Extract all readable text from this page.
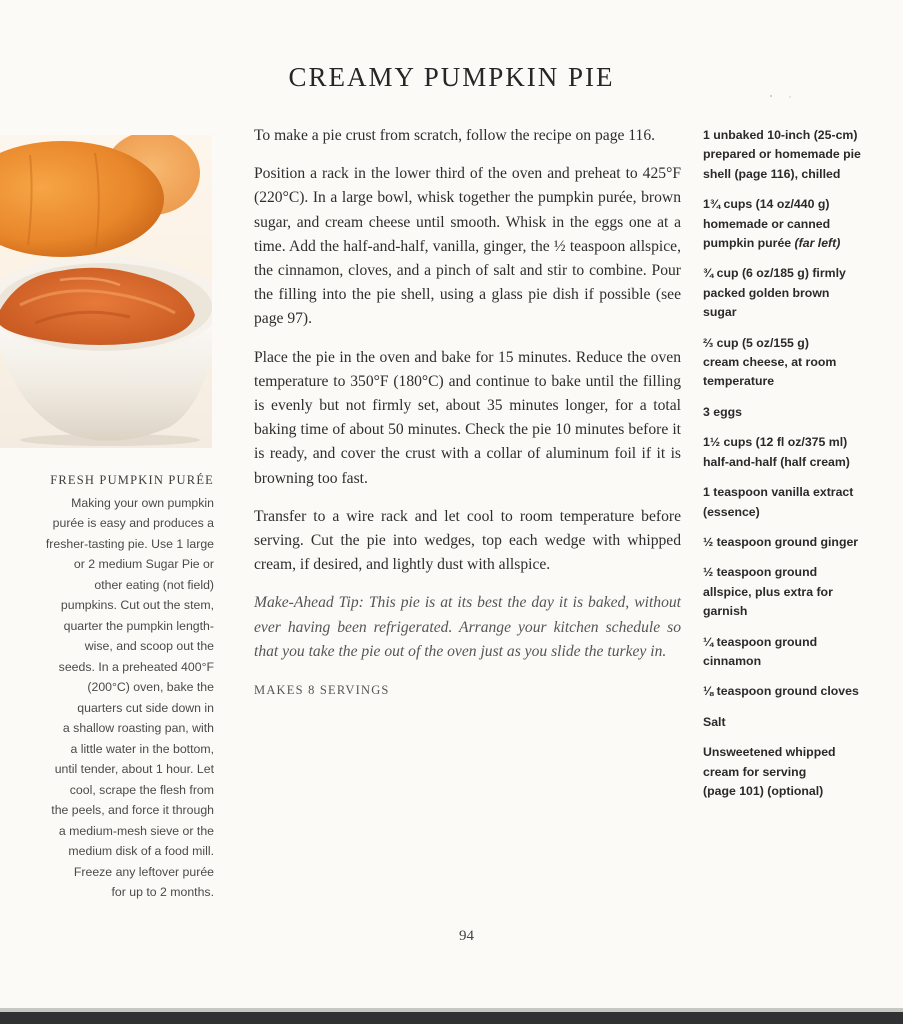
CREAMY PUMPKIN PIE
FRESH PUMPKIN PURÉE
Making your own pumpkin
purée is easy and produces a
fresher-tasting pie. Use 1 large
or 2 medium Sugar Pie or
other eating (not field)
pumpkins. Cut out the stem,
quarter the pumpkin length-
wise, and scoop out the
seeds. In a preheated 400°F
(200°C) oven, bake the
quarters cut side down in
a shallow roasting pan, with
a little water in the bottom,
until tender, about 1 hour. Let
cool, scrape the flesh from
the peels, and force it through
a medium-mesh sieve or the
medium disk of a food mill.
Freeze any leftover purée
for up to 2 months.

To make a pie crust from scratch, follow the recipe on page 116.

Position a rack in the lower third of the oven and preheat to 425°F (220°C). In a large bowl, whisk together the pumpkin purée, brown sugar, and cream cheese until smooth. Whisk in the eggs one at a time. Add the half-and-half, vanilla, ginger, the ½ teaspoon allspice, the cinnamon, cloves, and a pinch of salt and stir to combine. Pour the filling into the pie shell, using a glass pie dish if possible (see page 97).

Place the pie in the oven and bake for 15 minutes. Reduce the oven temperature to 350°F (180°C) and continue to bake until the filling is evenly but not firmly set, about 35 minutes longer, for a total baking time of about 50 minutes. Check the pie 10 minutes before it is ready, and cover the crust with a collar of aluminum foil if it is browning too fast.

Transfer to a wire rack and let cool to room temperature before serving. Cut the pie into wedges, top each wedge with whipped cream, if desired, and lightly dust with allspice.

Make-Ahead Tip: This pie is at its best the day it is baked, without ever having been refrigerated. Arrange your kitchen schedule so that you take the pie out of the oven just as you slide the turkey in.

MAKES 8 SERVINGS

1 unbaked 10-inch (25-cm)
prepared or homemade pie
shell (page 116), chilled
1¾ cups (14 oz/440 g)
homemade or canned
pumpkin purée (far left)
¾ cup (6 oz/185 g) firmly
packed golden brown
sugar
⅔ cup (5 oz/155 g)
cream cheese, at room
temperature
3 eggs
1½ cups (12 fl oz/375 ml)
half-and-half (half cream)
1 teaspoon vanilla extract
(essence)
½ teaspoon ground ginger
½ teaspoon ground
allspice, plus extra for
garnish
¼ teaspoon ground
cinnamon
⅛ teaspoon ground cloves
Salt
Unsweetened whipped
cream for serving
(page 101) (optional)
94
